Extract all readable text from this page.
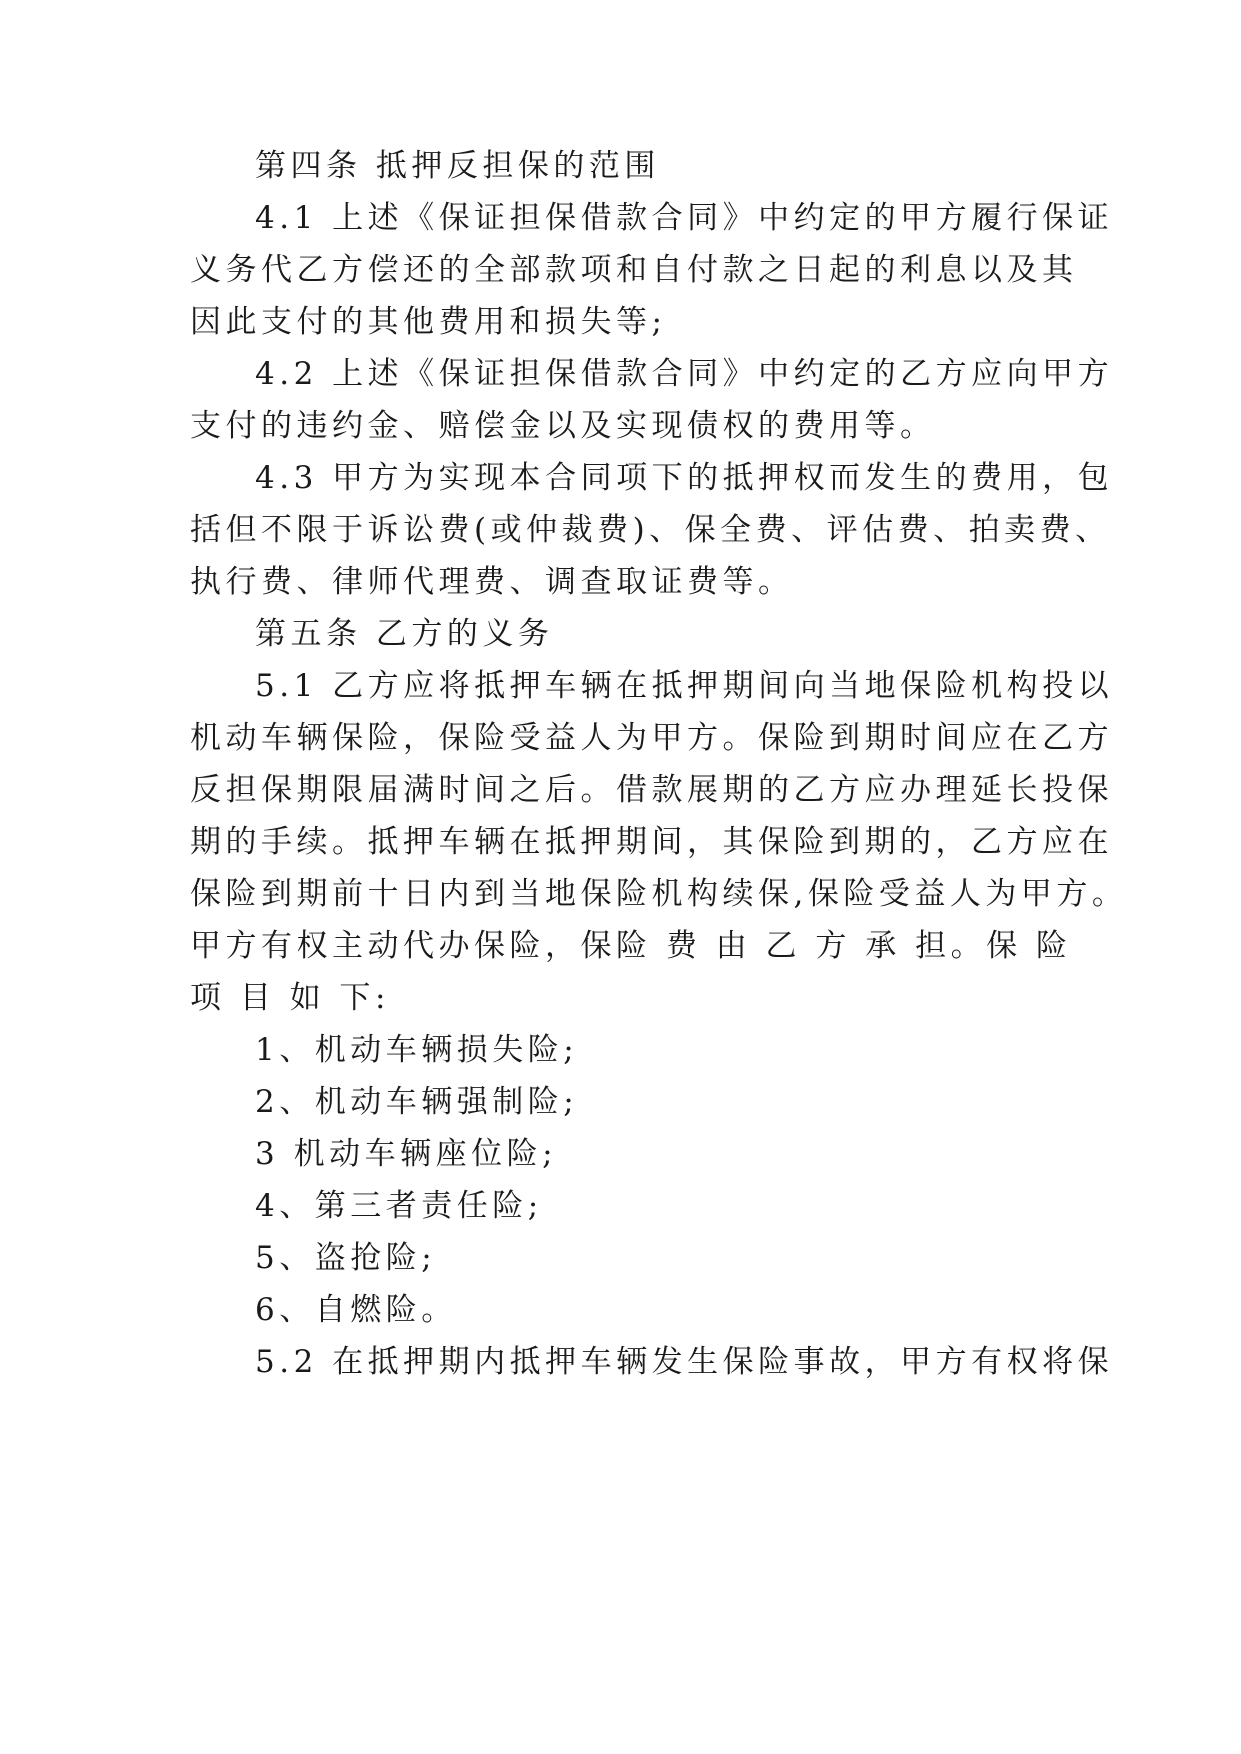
第四条 抵押反担保的范围
4.1 上述《保证担保借款合同》中约定的甲方履行保证
义务代乙方偿还的全部款项和自付款之日起的利息以及其
因此支付的其他费用和损失等;
4.2 上述《保证担保借款合同》中约定的乙方应向甲方
支付的违约金、赔偿金以及实现债权的费用等。
4.3 甲方为实现本合同项下的抵押权而发生的费用，包
括但不限于诉讼费(或仲裁费)、保全费、评估费、拍卖费、
执行费、律师代理费、调查取证费等。
第五条 乙方的义务
5.1 乙方应将抵押车辆在抵押期间向当地保险机构投以
机动车辆保险，保险受益人为甲方。保险到期时间应在乙方
反担保期限届满时间之后。借款展期的乙方应办理延长投保
期的手续。抵押车辆在抵押期间，其保险到期的，乙方应在
保险到期前十日内到当地保险机构续保,保险受益人为甲方。
甲方有权主动代办保险，保险 费 由 乙 方 承 担。保 险
项 目 如 下:
1、机动车辆损失险;
2、机动车辆强制险;
3 机动车辆座位险;
4、第三者责任险;
5、盗抢险;
6、自燃险。
5.2 在抵押期内抵押车辆发生保险事故，甲方有权将保
